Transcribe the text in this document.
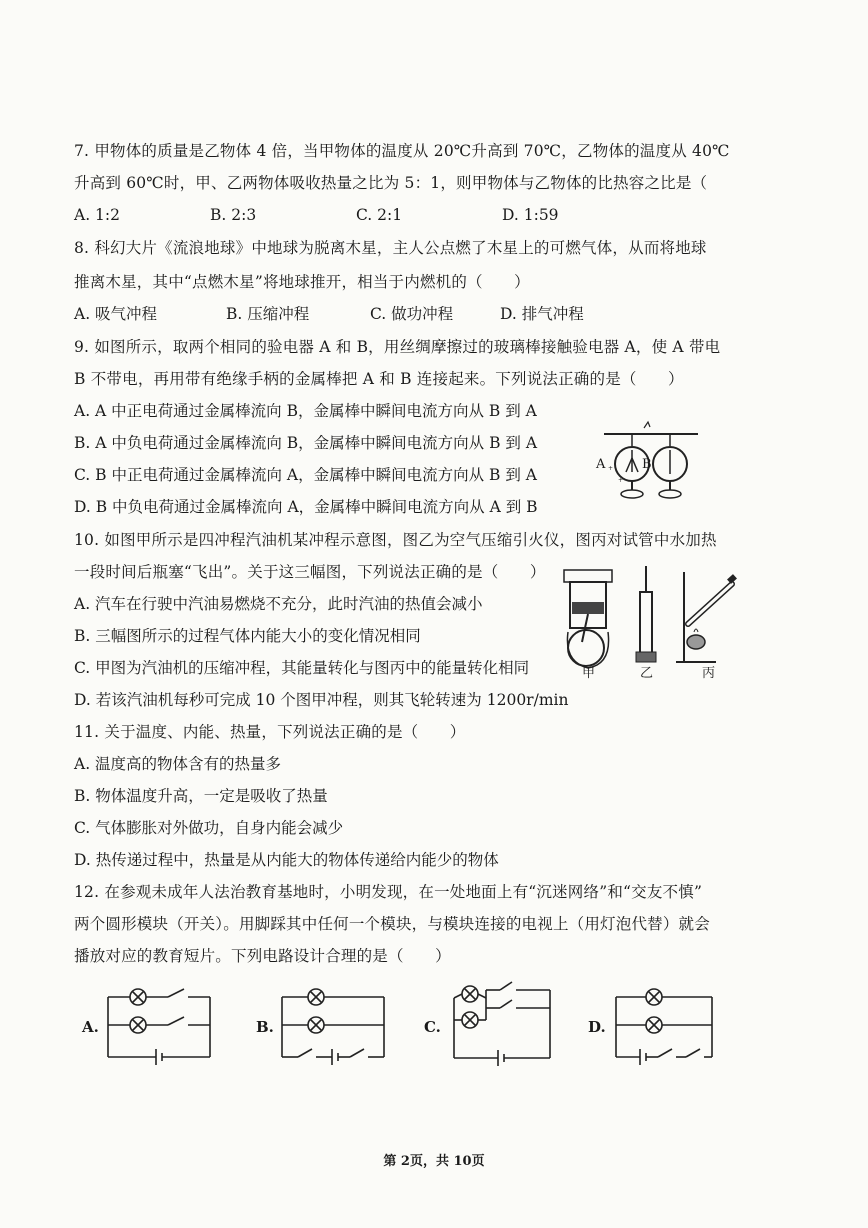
7. 甲物体的质量是乙物体 4 倍，当甲物体的温度从 20℃升高到 70℃，乙物体的温度从 40℃
升高到 60℃时，甲、乙两物体吸收热量之比为 5：1，则甲物体与乙物体的比热容之比是（
A. 1:2	B. 2:3	C. 2:1	D. 1:59
8. 科幻大片《流浪地球》中地球为脱离木星，主人公点燃了木星上的可燃气体，从而将地球
推离木星，其中“点燃木星”将地球推开，相当于内燃机的（　　）
A. 吸气冲程	B. 压缩冲程	C. 做功冲程	D. 排气冲程
9. 如图所示，取两个相同的验电器 A 和 B，用丝绸摩擦过的玻璃棒接触验电器 A，使 A 带电
B 不带电，再用带有绝缘手柄的金属棒把 A 和 B 连接起来。下列说法正确的是（　　）
A. A 中正电荷通过金属棒流向 B，金属棒中瞬间电流方向从 B 到 A
B. A 中负电荷通过金属棒流向 B，金属棒中瞬间电流方向从 B 到 A
C. B 中正电荷通过金属棒流向 A，金属棒中瞬间电流方向从 B 到 A
D. B 中负电荷通过金属棒流向 A，金属棒中瞬间电流方向从 A 到 B
+
+
A	B
10. 如图甲所示是四冲程汽油机某冲程示意图，图乙为空气压缩引火仪，图丙对试管中水加热
一段时间后瓶塞“飞出”。关于这三幅图，下列说法正确的是（　　）
A. 汽车在行驶中汽油易燃烧不充分，此时汽油的热值会减小
B. 三幅图所示的过程气体内能大小的变化情况相同
C. 甲图为汽油机的压缩冲程，其能量转化与图丙中的能量转化相同
D. 若该汽油机每秒可完成 10 个图甲冲程，则其飞轮转速为 1200r/min
甲	乙	丙
11. 关于温度、内能、热量，下列说法正确的是（　　）
A. 温度高的物体含有的热量多
B. 物体温度升高，一定是吸收了热量
C. 气体膨胀对外做功，自身内能会减少
D. 热传递过程中，热量是从内能大的物体传递给内能少的物体
12. 在参观未成年人法治教育基地时，小明发现，在一处地面上有“沉迷网络”和“交友不慎”
两个圆形模块（开关）。用脚踩其中任何一个模块，与模块连接的电视上（用灯泡代替）就会
播放对应的教育短片。下列电路设计合理的是（　　）
A.	B.	C.	D.
第 2页，共 10页
